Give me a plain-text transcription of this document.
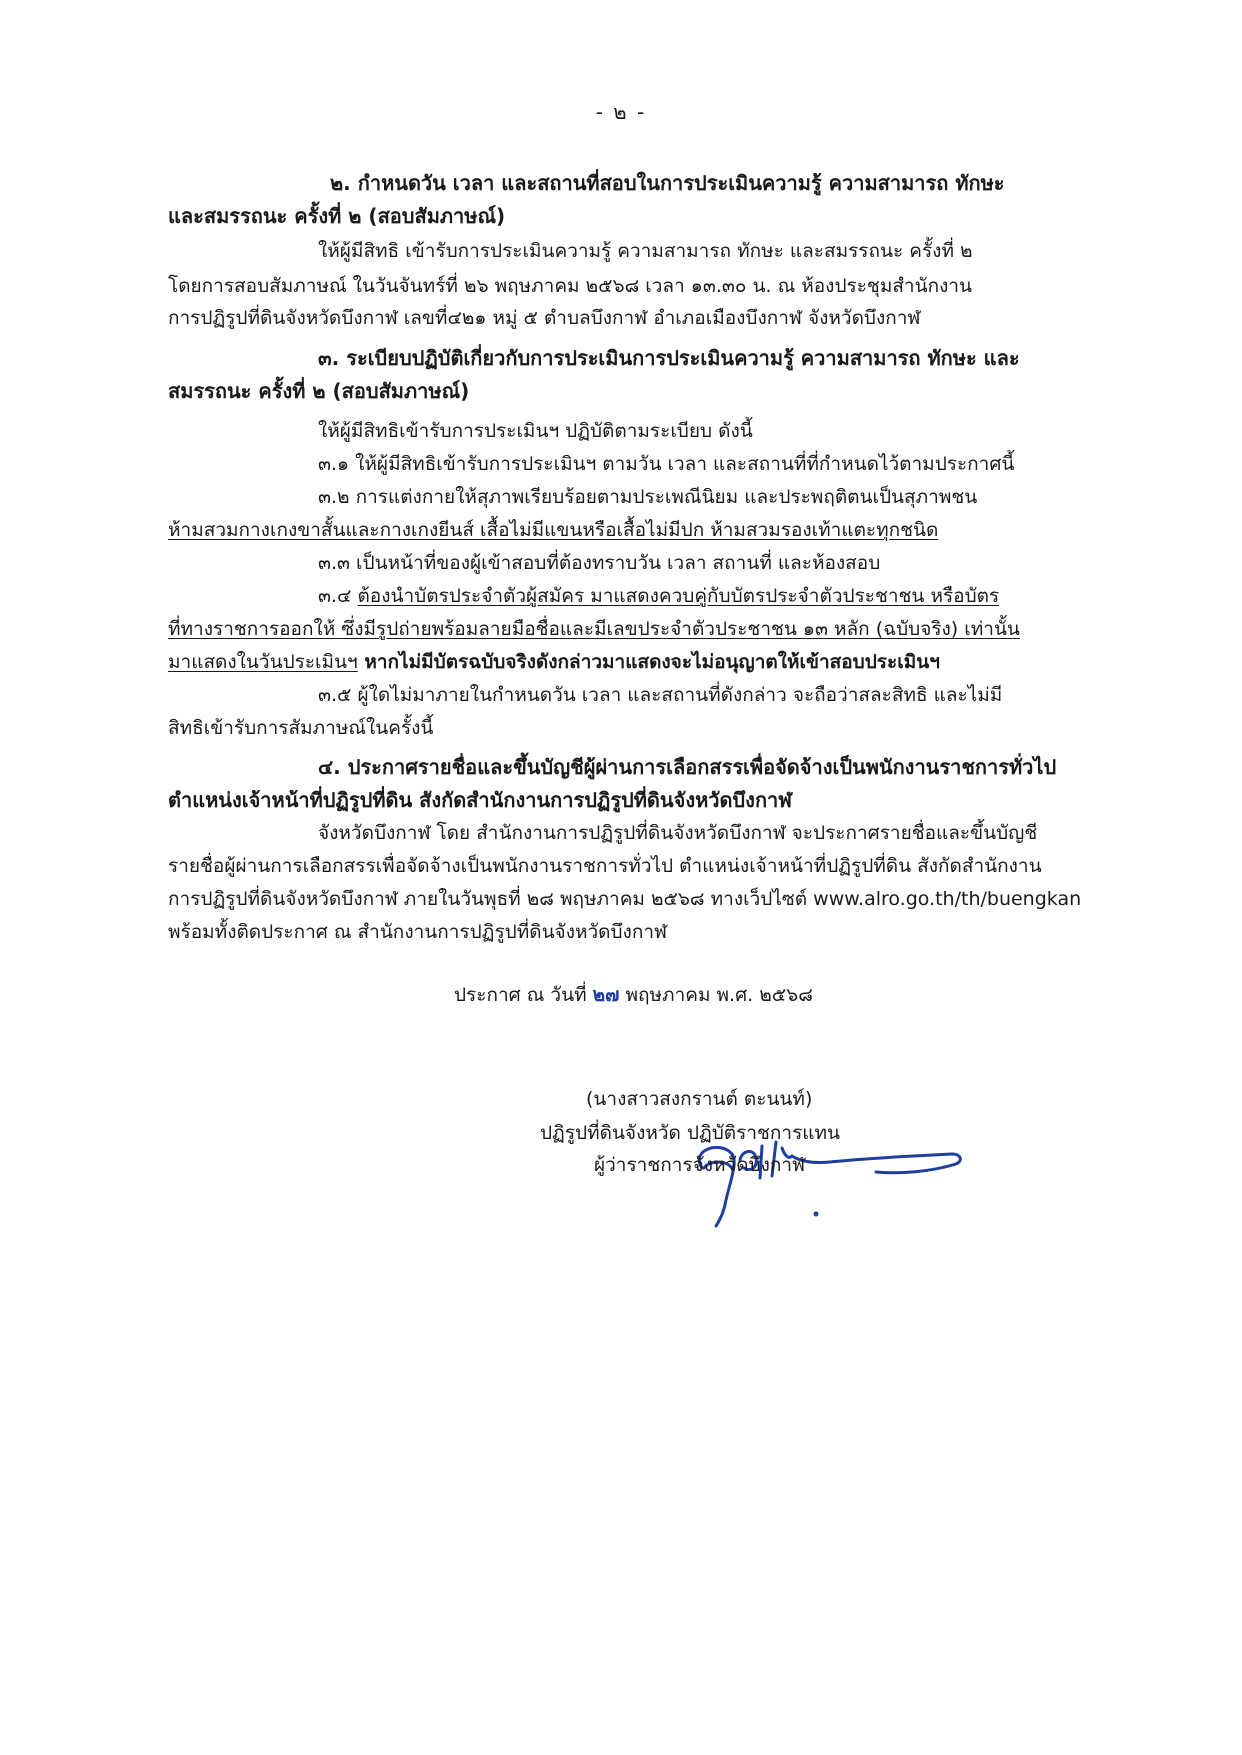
- ๒ -
๒. กำหนดวัน เวลา และสถานที่สอบในการประเมินความรู้ ความสามารถ ทักษะ
และสมรรถนะ ครั้งที่ ๒ (สอบสัมภาษณ์)
ให้ผู้มีสิทธิ เข้ารับการประเมินความรู้ ความสามารถ ทักษะ และสมรรถนะ ครั้งที่ ๒
โดยการสอบสัมภาษณ์ ในวันจันทร์ที่ ๒๖ พฤษภาคม ๒๕๖๘ เวลา ๑๓.๓๐ น. ณ ห้องประชุมสำนักงาน
การปฏิรูปที่ดินจังหวัดบึงกาฬ เลขที่๔๒๑ หมู่ ๕ ตำบลบึงกาฬ อำเภอเมืองบึงกาฬ จังหวัดบึงกาฬ
๓. ระเบียบปฏิบัติเกี่ยวกับการประเมินการประเมินความรู้ ความสามารถ ทักษะ และ
สมรรถนะ ครั้งที่ ๒ (สอบสัมภาษณ์)
ให้ผู้มีสิทธิเข้ารับการประเมินฯ ปฏิบัติตามระเบียบ ดังนี้
๓.๑ ให้ผู้มีสิทธิเข้ารับการประเมินฯ ตามวัน เวลา และสถานที่ที่กำหนดไว้ตามประกาศนี้
๓.๒ การแต่งกายให้สุภาพเรียบร้อยตามประเพณีนิยม และประพฤติตนเป็นสุภาพชน
ห้ามสวมกางเกงขาสั้นและกางเกงยีนส์ เสื้อไม่มีแขนหรือเสื้อไม่มีปก ห้ามสวมรองเท้าแตะทุกชนิด
๓.๓ เป็นหน้าที่ของผู้เข้าสอบที่ต้องทราบวัน เวลา สถานที่ และห้องสอบ
๓.๔ ต้องนำบัตรประจำตัวผู้สมัคร มาแสดงควบคู่กับบัตรประจำตัวประชาชน หรือบัตร
ที่ทางราชการออกให้ ซึ่งมีรูปถ่ายพร้อมลายมือชื่อและมีเลขประจำตัวประชาชน ๑๓ หลัก (ฉบับจริง) เท่านั้น
มาแสดงในวันประเมินฯ หากไม่มีบัตรฉบับจริงดังกล่าวมาแสดงจะไม่อนุญาตให้เข้าสอบประเมินฯ
๓.๕ ผู้ใดไม่มาภายในกำหนดวัน เวลา และสถานที่ดังกล่าว จะถือว่าสละสิทธิ และไม่มี
สิทธิเข้ารับการสัมภาษณ์ในครั้งนี้
๔. ประกาศรายชื่อและขึ้นบัญชีผู้ผ่านการเลือกสรรเพื่อจัดจ้างเป็นพนักงานราชการทั่วไป
ตำแหน่งเจ้าหน้าที่ปฏิรูปที่ดิน สังกัดสำนักงานการปฏิรูปที่ดินจังหวัดบึงกาฬ
จังหวัดบึงกาฬ โดย สำนักงานการปฏิรูปที่ดินจังหวัดบึงกาฬ จะประกาศรายชื่อและขึ้นบัญชี
รายชื่อผู้ผ่านการเลือกสรรเพื่อจัดจ้างเป็นพนักงานราชการทั่วไป ตำแหน่งเจ้าหน้าที่ปฏิรูปที่ดิน สังกัดสำนักงาน
การปฏิรูปที่ดินจังหวัดบึงกาฬ ภายในวันพุธที่ ๒๘ พฤษภาคม ๒๕๖๘ ทางเว็ปไซต์ www.alro.go.th/th/buengkan
พร้อมทั้งติดประกาศ ณ สำนักงานการปฏิรูปที่ดินจังหวัดบึงกาฬ
ประกาศ ณ วันที่ ๒๗ พฤษภาคม พ.ศ. ๒๕๖๘
(นางสาวสงกรานต์ ตะนนท์)
ปฏิรูปที่ดินจังหวัด ปฏิบัติราชการแทน
ผู้ว่าราชการจังหวัดบึงกาฬ
